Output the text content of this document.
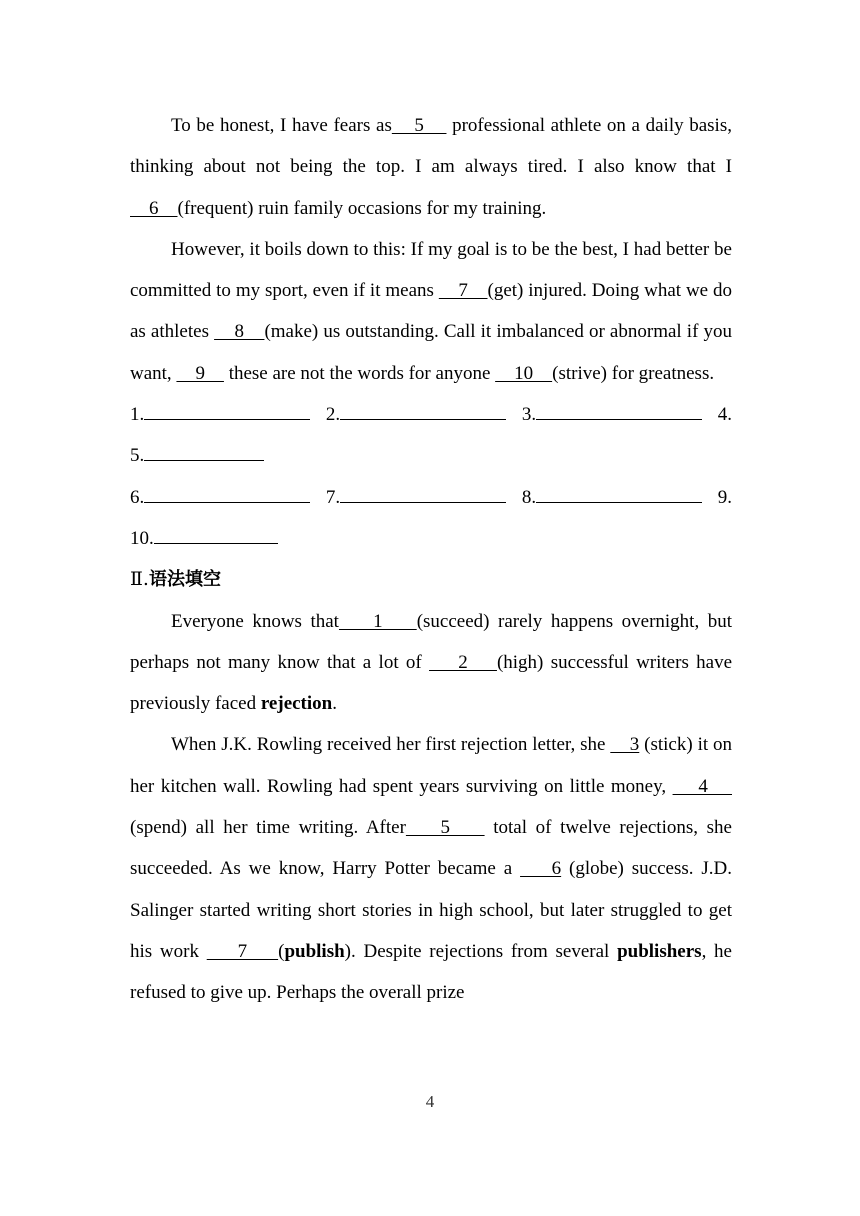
To be honest, I have fears as    5     professional athlete on a daily basis, thinking about not being the top. I am always tired. I also know that I     6    (frequent) ruin family occasions for my training.

However, it boils down to this: If my goal is to be the best, I had better be committed to my sport, even if it means     7    (get) injured. Doing what we do as athletes     8    (make) us outstanding. Call it imbalanced or abnormal if you want,     9     these are not the words for anyone     10    (strive) for greatness.

1.	2.	3.	4.
5.
6.	7.	8.	9.
10.
Ⅱ.语法填空

Everyone knows that    1    (succeed) rarely happens overnight, but perhaps not many know that a lot of     2    (high) successful writers have previously faced rejection.

When J.K. Rowling received her first rejection letter, she     3 (stick) it on her kitchen wall. Rowling had spent years surviving on little money,     4     (spend) all her time writing. After    5     total of twelve rejections, she succeeded. As we know, Harry Potter became a     6 (globe) success. J.D. Salinger started writing short stories in high school, but later struggled to get his work     7    (publish). Despite rejections from several publishers, he refused to give up. Perhaps the overall prize

4
